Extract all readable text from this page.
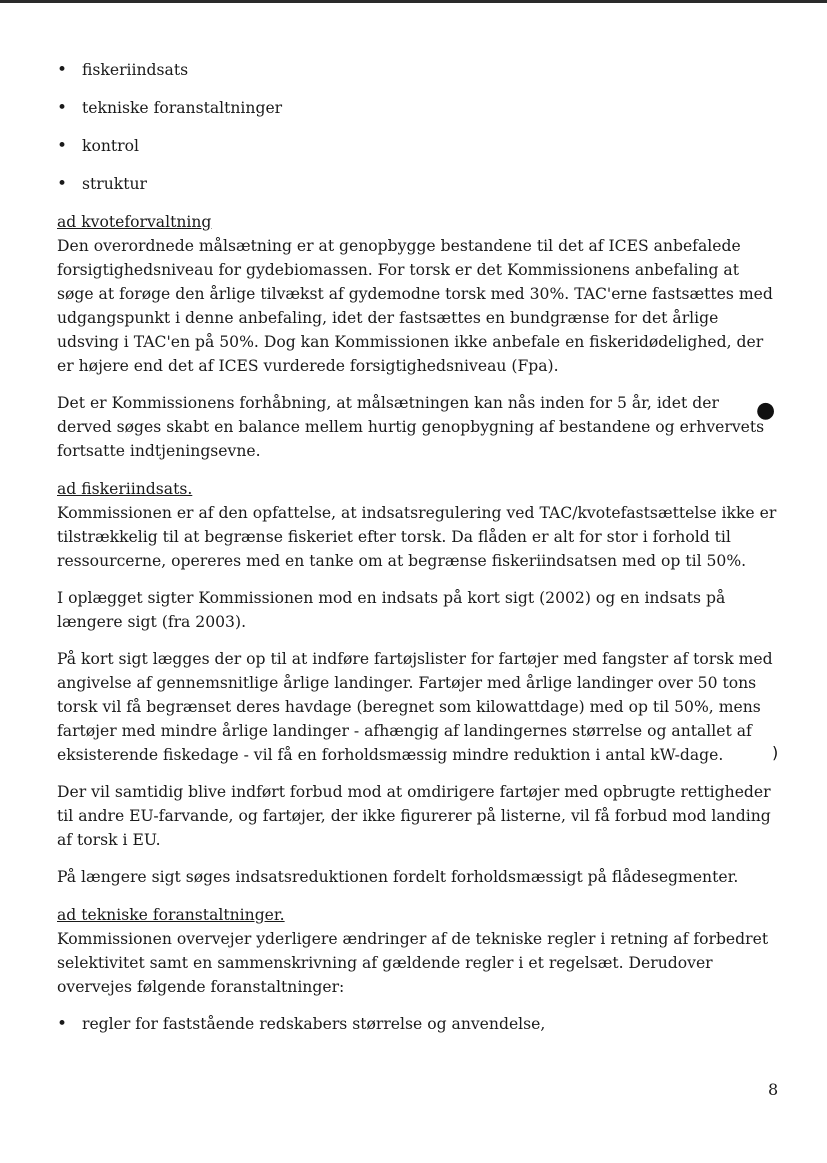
• fiskeriindsats
• tekniske foranstaltninger
• kontrol
• struktur
ad kvoteforvaltning

Den overordnede målsætning er at genopbygge bestandene til det af ICES anbefalede forsigtighedsniveau for gydebiomassen. For torsk er det Kommissionens anbefaling at søge at forøge den årlige tilvækst af gydemodne torsk med 30%. TAC'erne fastsættes med udgangspunkt i denne anbefaling, idet der fastsættes en bundgrænse for det årlige udsving i TAC'en på 50%. Dog kan Kommissionen ikke anbefale en fiskeridødelighed, der er højere end det af ICES vurderede forsigtighedsniveau (Fpa).

Det er Kommissionens forhåbning, at målsætningen kan nås inden for 5 år, idet der derved søges skabt en balance mellem hurtig genopbygning af bestandene og erhvervets fortsatte indtjeningsevne.

ad fiskeriindsats.

Kommissionen er af den opfattelse, at indsatsregulering ved TAC/kvotefastsættelse ikke er tilstrækkelig til at begrænse fiskeriet efter torsk. Da flåden er alt for stor i forhold til ressourcerne, opereres med en tanke om at begrænse fiskeriindsatsen med op til 50%.

I oplægget sigter Kommissionen mod en indsats på kort sigt (2002) og en indsats på længere sigt (fra 2003).

På kort sigt lægges der op til at indføre fartøjslister for fartøjer med fangster af torsk med angivelse af gennemsnitlige årlige landinger. Fartøjer med årlige landinger over 50 tons torsk vil få begrænset deres havdage (beregnet som kilowattdage) med op til 50%, mens fartøjer med mindre årlige landinger - afhængig af landingernes størrelse og antallet af eksisterende fiskedage - vil få en forholdsmæssig mindre reduktion i antal kW-dage.

Der vil samtidig blive indført forbud mod at omdirigere fartøjer med opbrugte rettigheder til andre EU-farvande, og fartøjer, der ikke figurerer på listerne, vil få forbud mod landing af torsk i EU.

På længere sigt søges indsatsreduktionen fordelt forholdsmæssigt på flådesegmenter.

ad tekniske foranstaltninger.

Kommissionen overvejer yderligere ændringer af de tekniske regler i retning af forbedret selektivitet samt en sammenskrivning af gældende regler i et regelsæt. Derudover overvejes følgende foranstaltninger:

• regler for faststående redskabers størrelse og anvendelse,
●
)
8
